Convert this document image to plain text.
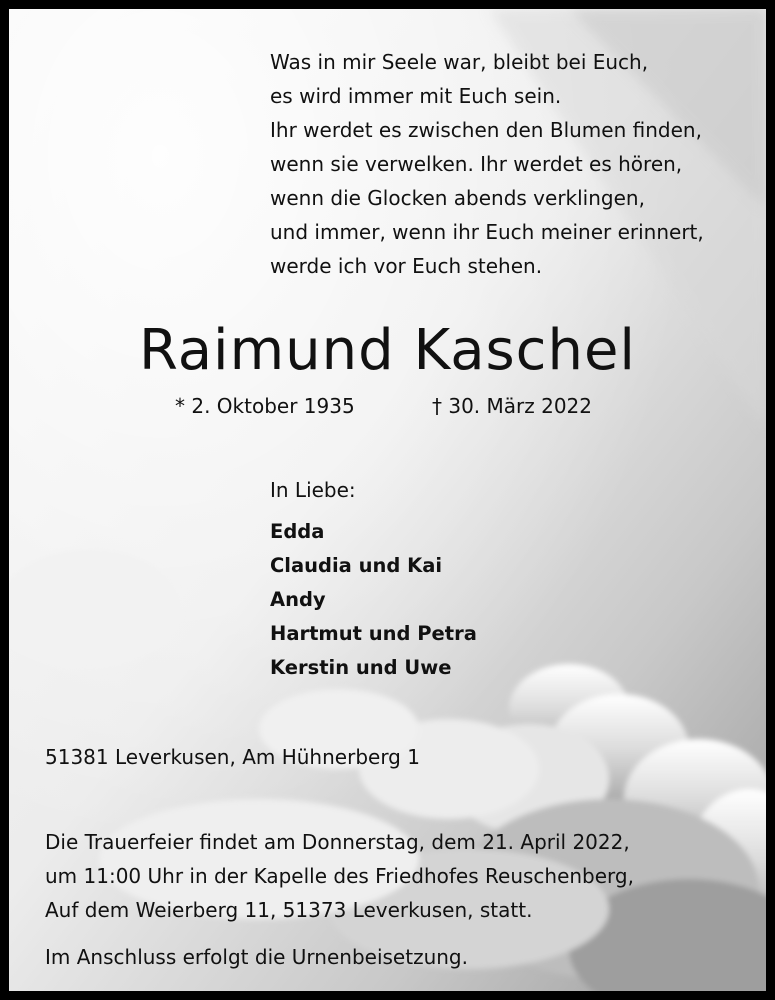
Was in mir Seele war, bleibt bei Euch,
es wird immer mit Euch sein.
Ihr werdet es zwischen den Blumen finden,
wenn sie verwelken. Ihr werdet es hören,
wenn die Glocken abends verklingen,
und immer, wenn ihr Euch meiner erinnert,
werde ich vor Euch stehen.
Raimund Kaschel
* 2. Oktober 1935	† 30. März 2022
In Liebe:
Edda
Claudia und Kai
Andy
Hartmut und Petra
Kerstin und Uwe
51381 Leverkusen, Am Hühnerberg 1
Die Trauerfeier findet am Donnerstag, dem 21. April 2022,
um 11:00 Uhr in der Kapelle des Friedhofes Reuschenberg,
Auf dem Weierberg 11, 51373 Leverkusen, statt.
Im Anschluss erfolgt die Urnenbeisetzung.
